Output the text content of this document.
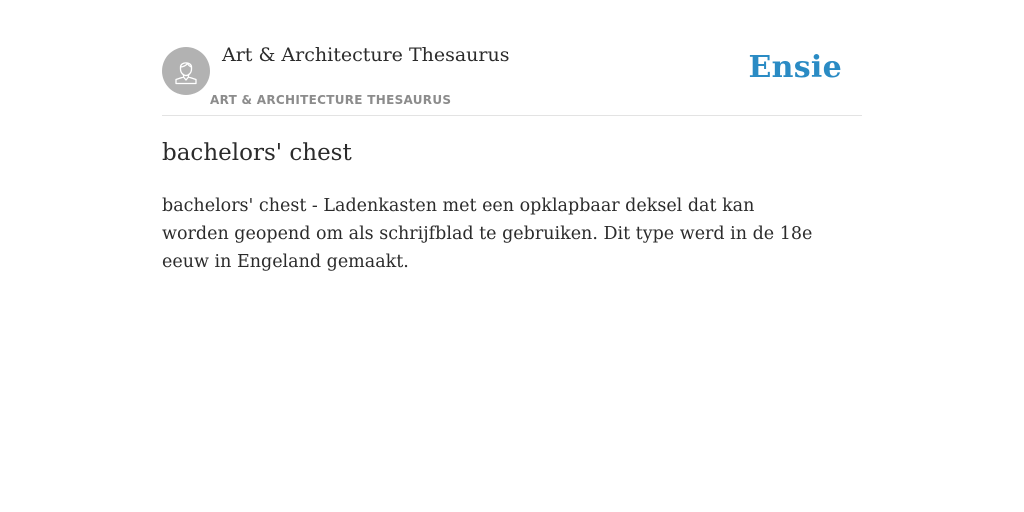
Art & Architecture Thesaurus
ART & ARCHITECTURE THESAURUS
Ensie
bachelors' chest

bachelors' chest - Ladenkasten met een opklapbaar deksel dat kan worden geopend om als schrijfblad te gebruiken. Dit type werd in de 18e eeuw in Engeland gemaakt.
